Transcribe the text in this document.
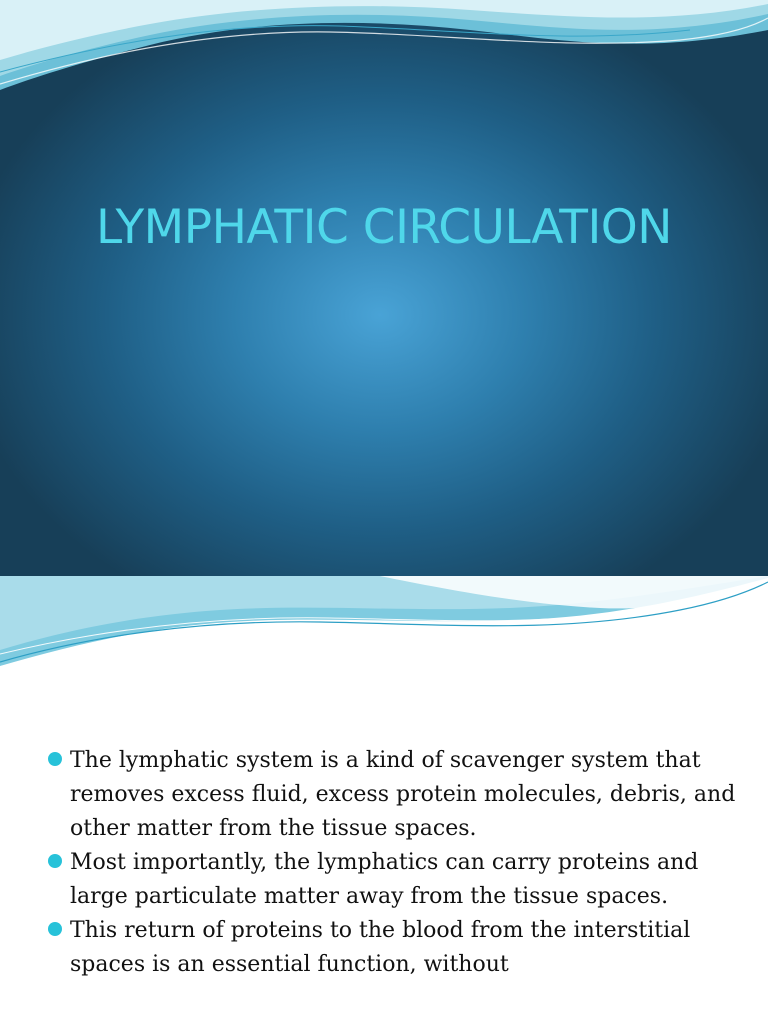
LYMPHATIC CIRCULATION
The lymphatic system is a kind of scavenger system that removes excess fluid, excess protein molecules, debris, and other matter from the tissue spaces.
Most importantly, the lymphatics can carry proteins and large particulate matter away from the tissue spaces.
This return of proteins to the blood from the interstitial spaces is an essential function, without
